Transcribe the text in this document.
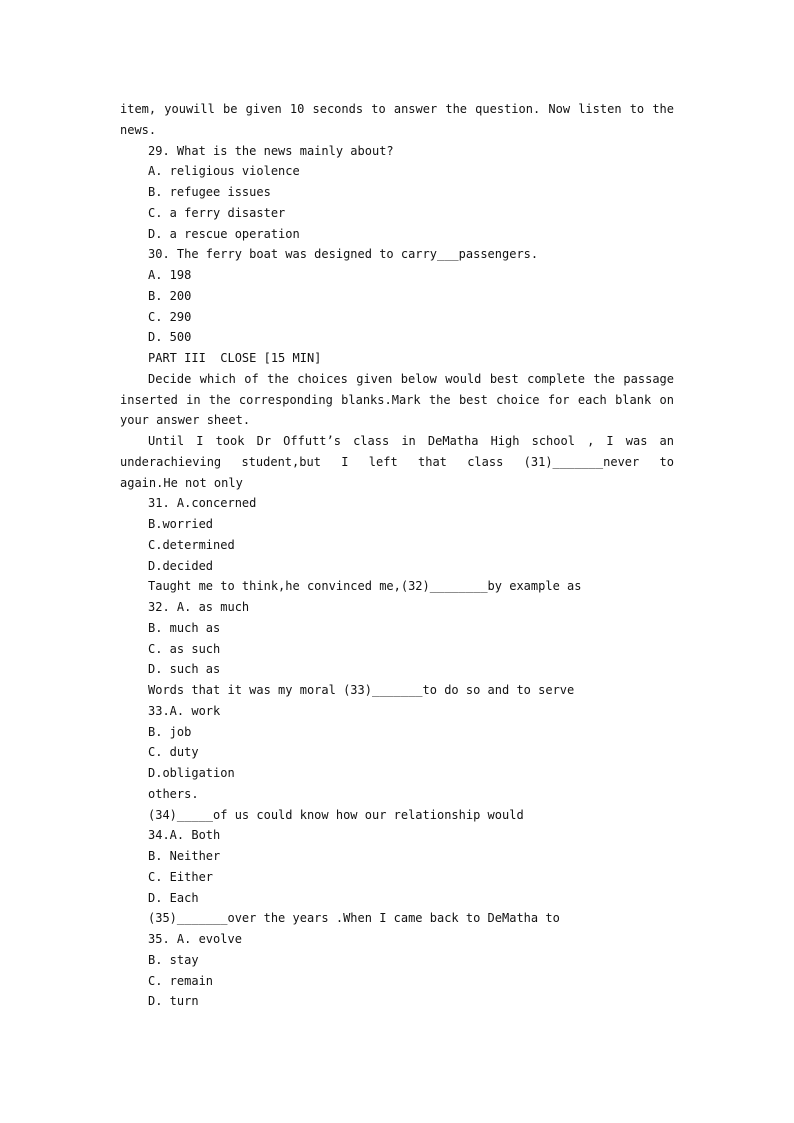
item, youwill be given 10 seconds to answer the question. Now listen to the
news.
29. What is the news mainly about?
A. religious violence
B. refugee issues
C. a ferry disaster
D. a rescue operation
30. The ferry boat was designed to carry___passengers.
A. 198
B. 200
C. 290
D. 500
PART III  CLOSE [15 MIN]
Decide which of the choices given below would best complete the passage
inserted in the corresponding blanks.Mark the best choice for each blank on
your answer sheet.
Until I took Dr Offutt’s class in DeMatha High school , I was an
underachieving student,but I left that class (31)_______never to
again.He not only
31. A.concerned
B.worried
C.determined
D.decided
Taught me to think,he convinced me,(32)________by example as
32. A. as much
B. much as
C. as such
D. such as
Words that it was my moral (33)_______to do so and to serve
33.A. work
B. job
C. duty
D.obligation
others.
(34)_____of us could know how our relationship would
34.A. Both
B. Neither
C. Either
D. Each
(35)_______over the years .When I came back to DeMatha to
35. A. evolve
B. stay
C. remain
D. turn
